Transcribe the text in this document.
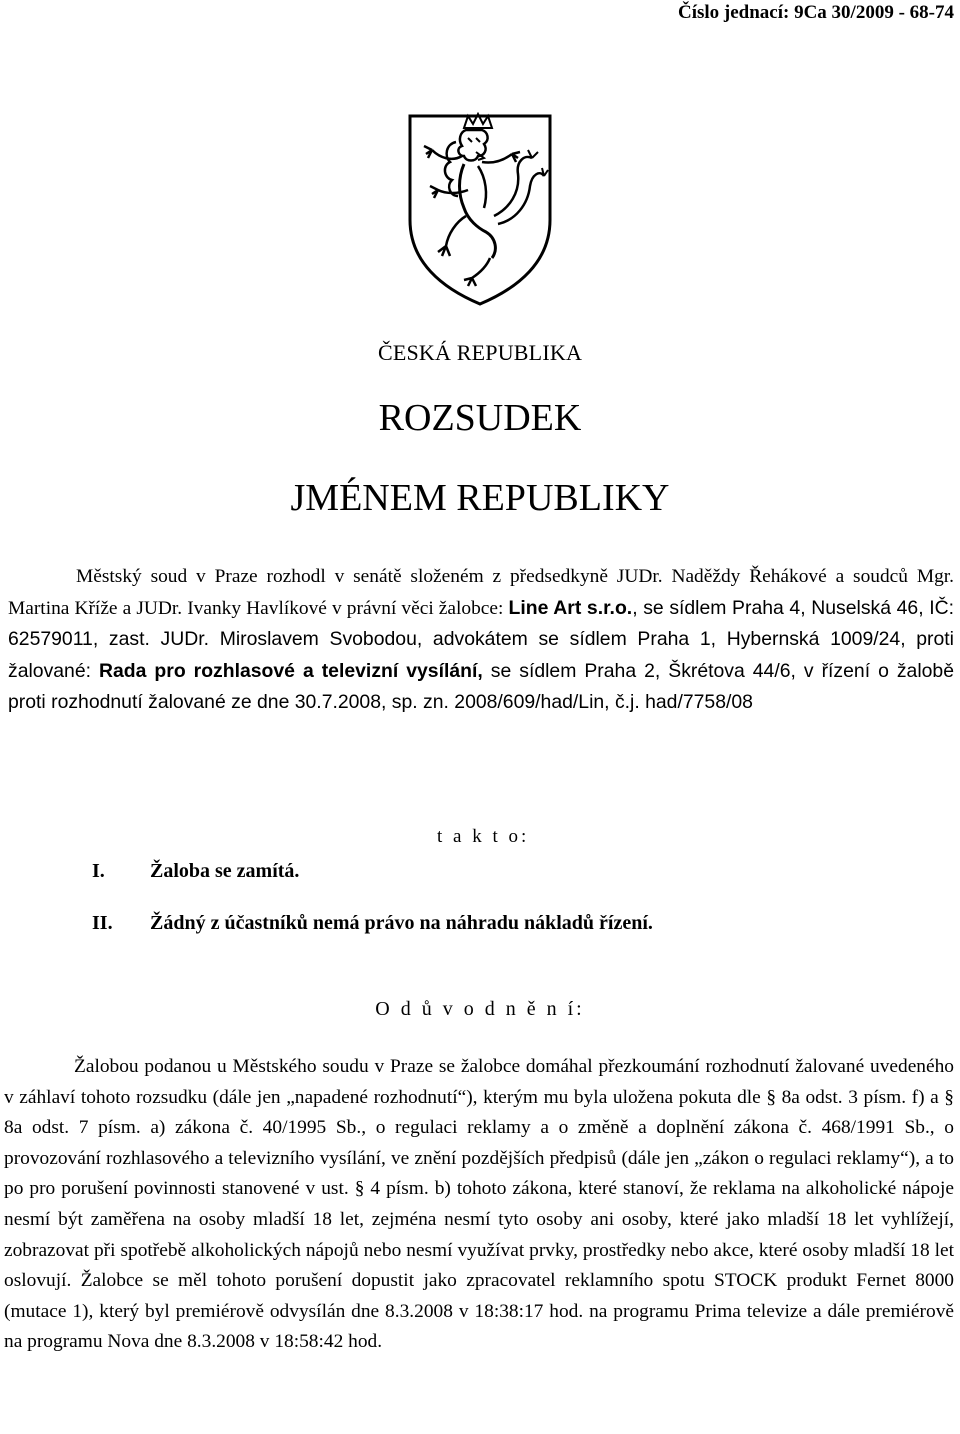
Číslo jednací: 9Ca 30/2009 - 68-74
ČESKÁ REPUBLIKA
ROZSUDEK
JMÉNEM REPUBLIKY

Městský soud v Praze rozhodl v senátě složeném z předsedkyně JUDr. Naděždy Řehákové a soudců Mgr. Martina Kříže a JUDr. Ivanky Havlíkové v právní věci žalobce: Line Art s.r.o., se sídlem Praha 4, Nuselská 46, IČ: 62579011, zast. JUDr. Miroslavem Svobodou, advokátem se sídlem Praha 1, Hybernská 1009/24, proti žalované: Rada pro rozhlasové a televizní vysílání, se sídlem Praha 2, Škrétova 44/6, v řízení o žalobě proti rozhodnutí žalované ze dne 30.7.2008, sp. zn. 2008/609/had/Lin, č.j. had/7758/08

t a k t o:
I. Žaloba se zamítá.
II. Žádný z účastníků nemá právo na náhradu nákladů řízení.
O d ů v o d n ě n í:

Žalobou podanou u Městského soudu v Praze se žalobce domáhal přezkoumání rozhodnutí žalované uvedeného v záhlaví tohoto rozsudku (dále jen „napadené rozhodnutí“), kterým mu byla uložena pokuta dle § 8a odst. 3 písm. f) a § 8a odst. 7 písm. a) zákona č. 40/1995 Sb., o regulaci reklamy a o změně a doplnění zákona č. 468/1991 Sb., o provozování rozhlasového a televizního vysílání, ve znění pozdějších předpisů (dále jen „zákon o regulaci reklamy“), a to po pro porušení povinnosti stanovené v ust. § 4 písm. b) tohoto zákona, které stanoví, že reklama na alkoholické nápoje nesmí být zaměřena na osoby mladší 18 let, zejména nesmí tyto osoby ani osoby, které jako mladší 18 let vyhlížejí, zobrazovat při spotřebě alkoholických nápojů nebo nesmí využívat prvky, prostředky nebo akce, které osoby mladší 18 let oslovují. Žalobce se měl tohoto porušení dopustit jako zpracovatel reklamního spotu STOCK produkt Fernet 8000 (mutace 1), který byl premiérově odvysílán dne 8.3.2008 v 18:38:17 hod. na programu Prima televize a dále premiérově na programu Nova dne 8.3.2008 v 18:58:42 hod.
